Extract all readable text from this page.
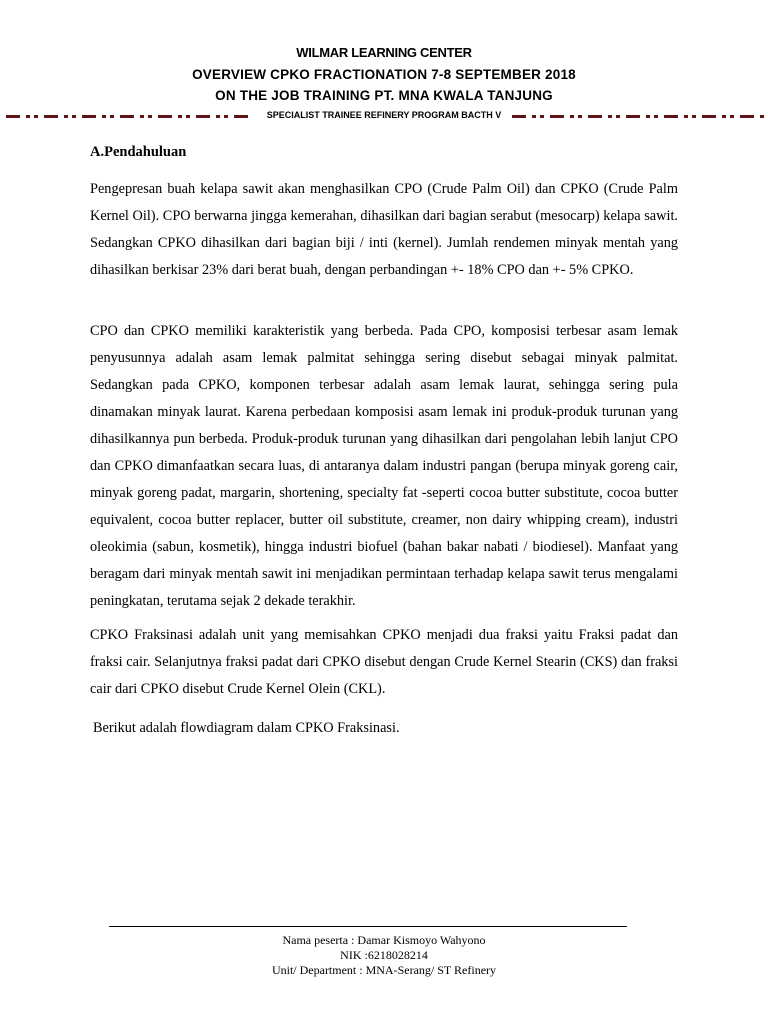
WILMAR LEARNING CENTER
OVERVIEW CPKO FRACTIONATION 7-8 SEPTEMBER 2018
ON THE JOB TRAINING PT. MNA KWALA TANJUNG
SPECIALIST TRAINEE REFINERY PROGRAM BACTH V
A.Pendahuluan

Pengepresan buah kelapa sawit akan menghasilkan CPO (Crude Palm Oil) dan CPKO (Crude Palm Kernel Oil). CPO berwarna jingga kemerahan, dihasilkan dari bagian serabut (mesocarp) kelapa sawit. Sedangkan CPKO dihasilkan dari bagian biji / inti (kernel). Jumlah rendemen minyak mentah yang dihasilkan berkisar 23% dari berat buah, dengan perbandingan +- 18% CPO dan +- 5% CPKO.

CPO dan CPKO memiliki karakteristik yang berbeda. Pada CPO, komposisi terbesar asam lemak penyusunnya adalah asam lemak palmitat sehingga sering disebut sebagai minyak palmitat. Sedangkan pada CPKO, komponen terbesar adalah asam lemak laurat, sehingga sering pula dinamakan minyak laurat. Karena perbedaan komposisi asam lemak ini produk-produk turunan yang dihasilkannya pun berbeda. Produk-produk turunan yang dihasilkan dari pengolahan lebih lanjut CPO dan CPKO dimanfaatkan secara luas, di antaranya dalam industri pangan (berupa minyak goreng cair, minyak goreng padat, margarin, shortening, specialty fat -seperti cocoa butter substitute, cocoa butter equivalent, cocoa butter replacer, butter oil substitute, creamer, non dairy whipping cream), industri oleokimia (sabun, kosmetik), hingga industri biofuel (bahan bakar nabati / biodiesel). Manfaat yang beragam dari minyak mentah sawit ini menjadikan permintaan terhadap kelapa sawit terus mengalami peningkatan, terutama sejak 2 dekade terakhir.

CPKO Fraksinasi adalah unit yang memisahkan CPKO menjadi dua fraksi yaitu Fraksi padat dan fraksi cair. Selanjutnya fraksi padat dari CPKO disebut dengan Crude Kernel Stearin (CKS) dan fraksi cair dari CPKO disebut Crude Kernel Olein (CKL).

Berikut adalah flowdiagram dalam CPKO Fraksinasi.

Nama peserta : Damar Kismoyo Wahyono
NIK :6218028214
Unit/ Department : MNA-Serang/ ST Refinery
